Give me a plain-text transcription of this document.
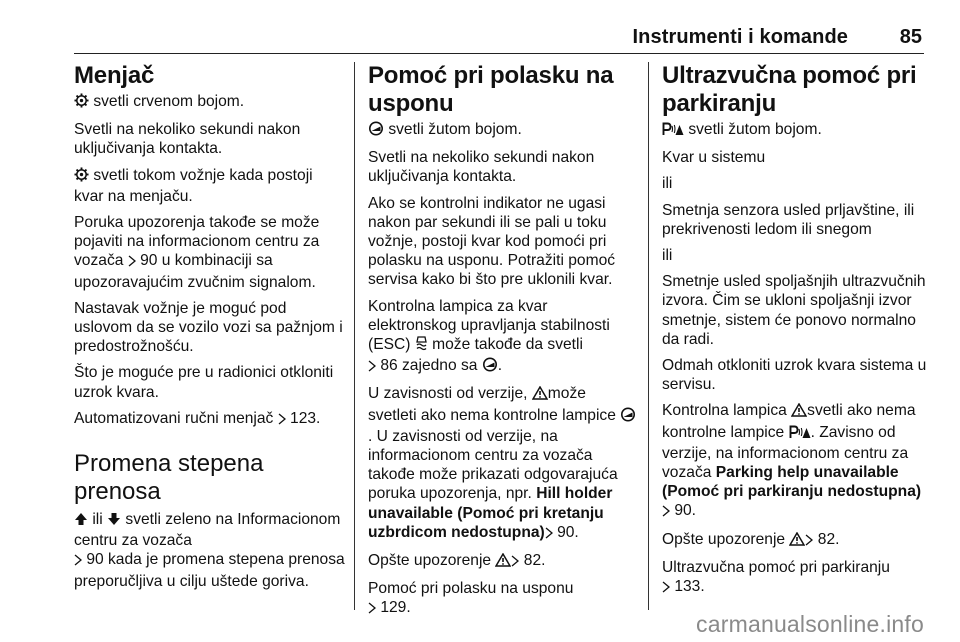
Instrumenti i komande	85
Menjač

svetli crvenom bojom.

Svetli na nekoliko sekundi nakon uključivanja kontakta.

svetli tokom vožnje kada postoji kvar na menjaču.

Poruka upozorenja takođe se može pojaviti na informacionom centru za vozača  90 u kombinaciji sa upozoravajućim zvučnim signalom.

Nastavak vožnje je moguć pod uslovom da se vozilo vozi sa pažnjom i predostrožnošću.

Što je moguće pre u radionici otkloniti uzrok kvara.

Automatizovani ručni menjač  123.

Promena stepena prenosa

ili  svetli zeleno na Informacionom centru za vozača
90 kada je promena stepena prenosa preporučljiva u cilju uštede goriva.

Pomoć pri polasku na usponu

svetli žutom bojom.

Svetli na nekoliko sekundi nakon uključivanja kontakta.

Ako se kontrolni indikator ne ugasi nakon par sekundi ili se pali u toku vožnje, postoji kvar kod pomoći pri polasku na usponu. Potražiti pomoć servisa kako bi što pre uklonili kvar.

Kontrolna lampica za kvar elektronskog upravljanja stabilnosti (ESC)  može takođe da svetli
86 zajedno sa .

U zavisnosti od verzije, može svetleti ako nema kontrolne lampice . U zavisnosti od verzije, na informacionom centru za vozača takođe može prikazati odgovarajuća poruka upozorenja, npr. Hill holder unavailable (Pomoć pri kretanju uzbrdicom nedostupna) 90.

Opšte upozorenje  82.

Pomoć pri polasku na usponu
129.

Ultrazvučna pomoć pri parkiranju

svetli žutom bojom.

Kvar u sistemu

ili

Smetnja senzora usled prljavštine, ili prekrivenosti ledom ili snegom

ili

Smetnje usled spoljašnjih ultrazvučnih izvora. Čim se ukloni spoljašnji izvor smetnje, sistem će ponovo normalno da radi.

Odmah otkloniti uzrok kvara sistema u servisu.

Kontrolna lampica svetli ako nema kontrolne lampice . Zavisno od verzije, na informacionom centru za vozača Parking help unavailable (Pomoć pri parkiranju nedostupna) 90.

Opšte upozorenje  82.

Ultrazvučna pomoć pri parkiranju
133.

carmanualsonline.info
